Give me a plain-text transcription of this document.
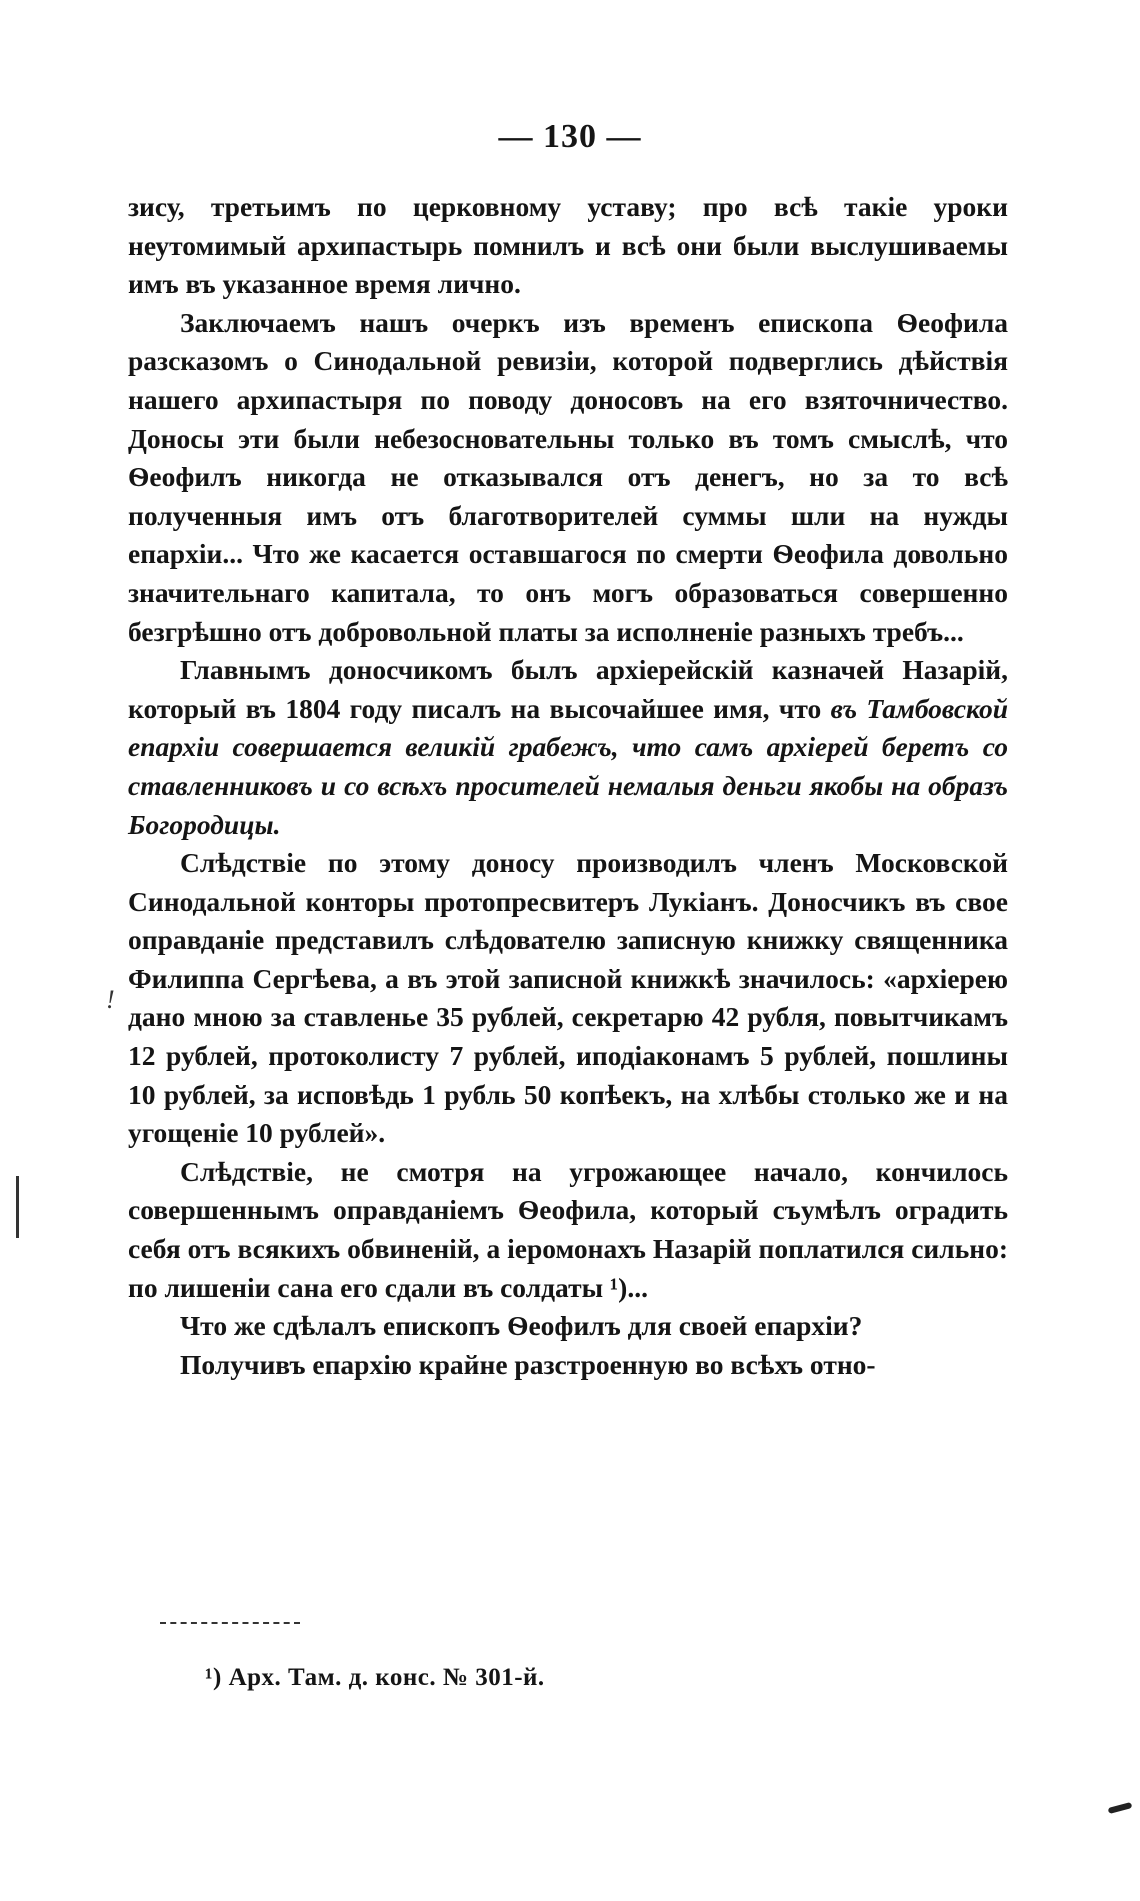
— 130 —

зису, третьимъ по церковному уставу; про всѣ такіе уроки неутомимый архипастырь помнилъ и всѣ они были выслушиваемы имъ въ указанное время лично.

Заключаемъ нашъ очеркъ изъ временъ епископа Ѳеофила разсказомъ о Синодальной ревизіи, которой подверглись дѣйствія нашего архипастыря по поводу доносовъ на его взяточничество. Доносы эти были небезосновательны только въ томъ смыслѣ, что Ѳеофилъ никогда не отказывался отъ денегъ, но за то всѣ полученныя имъ отъ благотворителей суммы шли на нужды епархіи... Что же касается оставшагося по смерти Ѳеофила довольно значительнаго капитала, то онъ могъ образоваться совершенно безгрѣшно отъ добровольной платы за исполненіе разныхъ требъ...

Главнымъ доносчикомъ былъ архіерейскій казначей Назарій, который въ 1804 году писалъ на высочайшее имя, что въ Тамбовской епархіи совершается великій грабежъ, что самъ архіерей беретъ со ставленниковъ и со всѣхъ просителей немалыя деньги якобы на образъ Богородицы.

Слѣдствіе по этому доносу производилъ членъ Московской Синодальной конторы протопресвитеръ Лукіанъ. Доносчикъ въ свое оправданіе представилъ слѣдователю записную книжку священника Филиппа Сергѣева, а въ этой записной книжкѣ значилось: «архіерею дано мною за ставленье 35 рублей, секретарю 42 рубля, повытчикамъ 12 рублей, протоколисту 7 рублей, иподіаконамъ 5 рублей, пошлины 10 рублей, за исповѣдь 1 рубль 50 копѣекъ, на хлѣбы столько же и на угощеніе 10 рублей».

Слѣдствіе, не смотря на угрожающее начало, кончилось совершеннымъ оправданіемъ Ѳеофила, который съумѣлъ оградить себя отъ всякихъ обвиненій, а іеромонахъ Назарій поплатился сильно: по лишеніи сана его сдали въ солдаты ¹)...

Что же сдѣлалъ епископъ Ѳеофилъ для своей епархіи?

Получивъ епархію крайне разстроенную во всѣхъ отно-

!
¹) Арх. Там. д. конс. № 301-й.
